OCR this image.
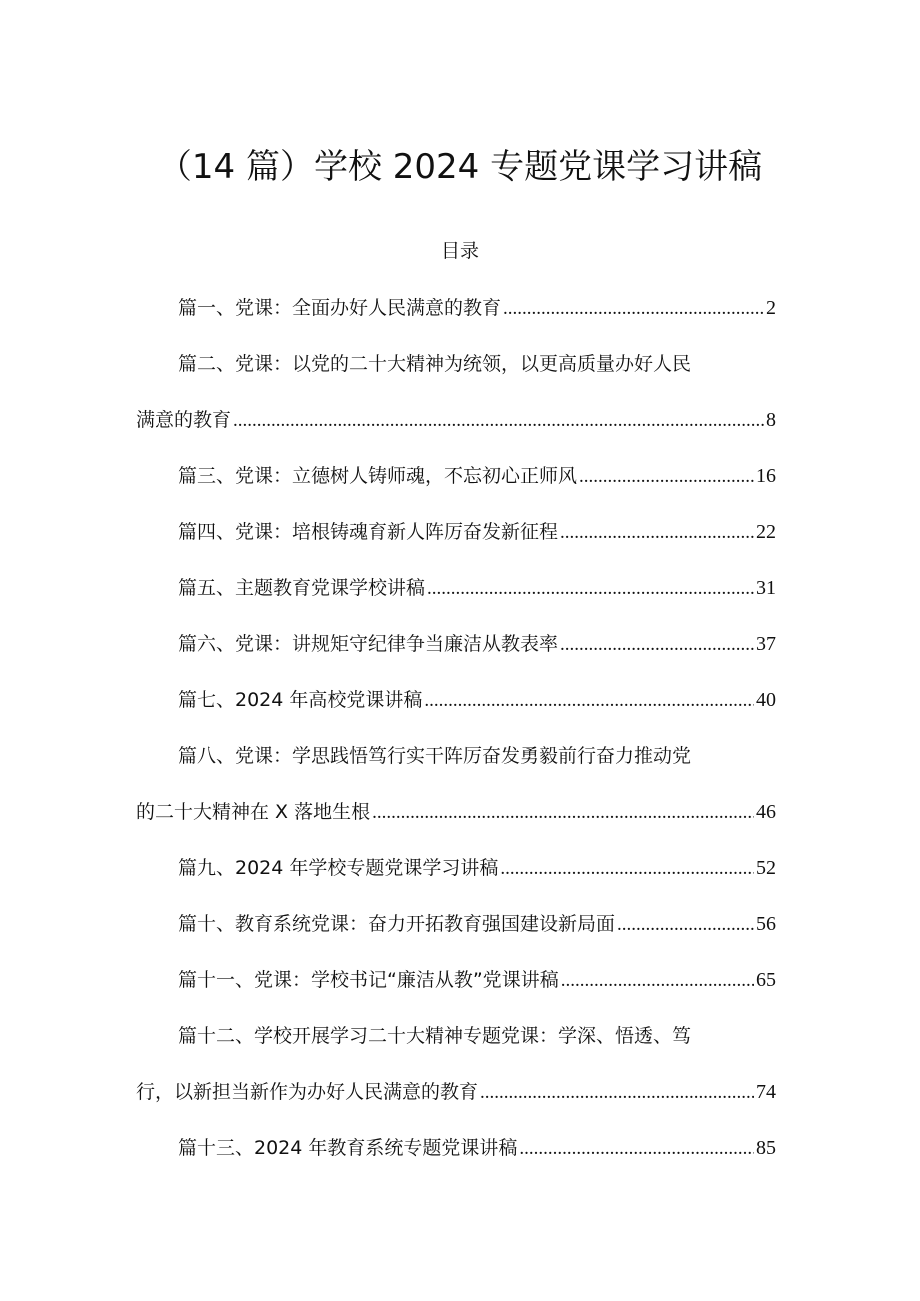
（14 篇）学校 2024 专题党课学习讲稿
目录
篇一、党课：全面办好人民满意的教育 .....	2
篇二、党课：以党的二十大精神为统领，以更高质量办好人民
满意的教育 .....	8
篇三、党课：立德树人铸师魂，不忘初心正师风 .....	16
篇四、党课：培根铸魂育新人阵厉奋发新征程 .....	22
篇五、主题教育党课学校讲稿 .....	31
篇六、党课：讲规矩守纪律争当廉洁从教表率 .....	37
篇七、2024 年高校党课讲稿 .....	40
篇八、党课：学思践悟笃行实干阵厉奋发勇毅前行奋力推动党
的二十大精神在 X 落地生根 .....	46
篇九、2024 年学校专题党课学习讲稿 .....	52
篇十、教育系统党课：奋力开拓教育强国建设新局面 .....	56
篇十一、党课：学校书记“廉洁从教”党课讲稿 .....	65
篇十二、学校开展学习二十大精神专题党课：学深、悟透、笃
行，以新担当新作为办好人民满意的教育 .....	74
篇十三、2024 年教育系统专题党课讲稿 .....	85
